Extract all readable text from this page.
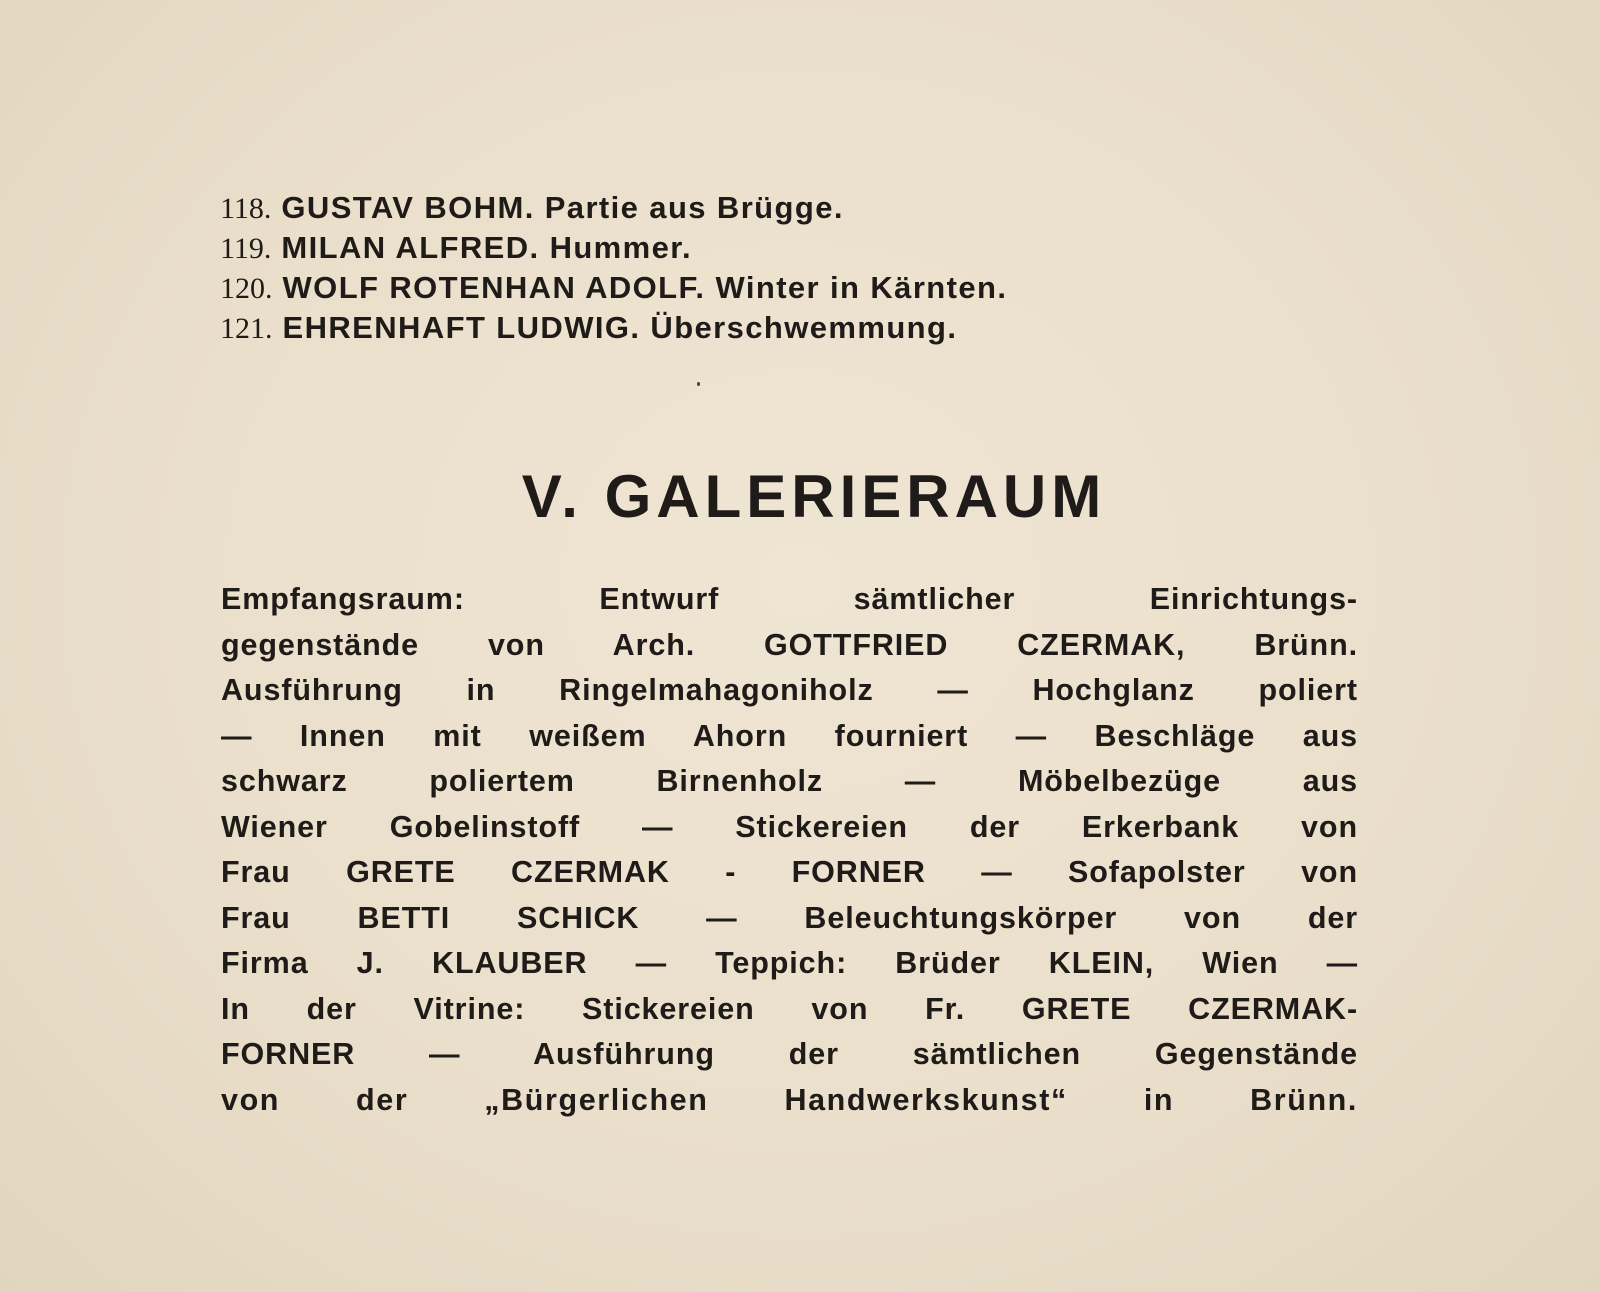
118. GUSTAV BOHM. Partie aus Brügge.
119. MILAN ALFRED. Hummer.
120. WOLF ROTENHAN ADOLF. Winter in Kärnten.
121. EHRENHAFT LUDWIG. Überschwemmung.
V. GALERIERAUM
Empfangsraum: Entwurf sämtlicher Einrichtungs-
gegenstände von Arch. GOTTFRIED CZERMAK, Brünn.
Ausführung in Ringelmahagoniholz — Hochglanz poliert
— Innen mit weißem Ahorn fourniert — Beschläge aus
schwarz poliertem Birnenholz — Möbelbezüge aus
Wiener Gobelinstoff — Stickereien der Erkerbank von
Frau GRETE CZERMAK - FORNER — Sofapolster von
Frau BETTI SCHICK — Beleuchtungskörper von der
Firma J. KLAUBER — Teppich: Brüder KLEIN, Wien —
In der Vitrine: Stickereien von Fr. GRETE CZERMAK-
FORNER — Ausführung der sämtlichen Gegenstände
von der „Bürgerlichen Handwerkskunst“ in Brünn.
